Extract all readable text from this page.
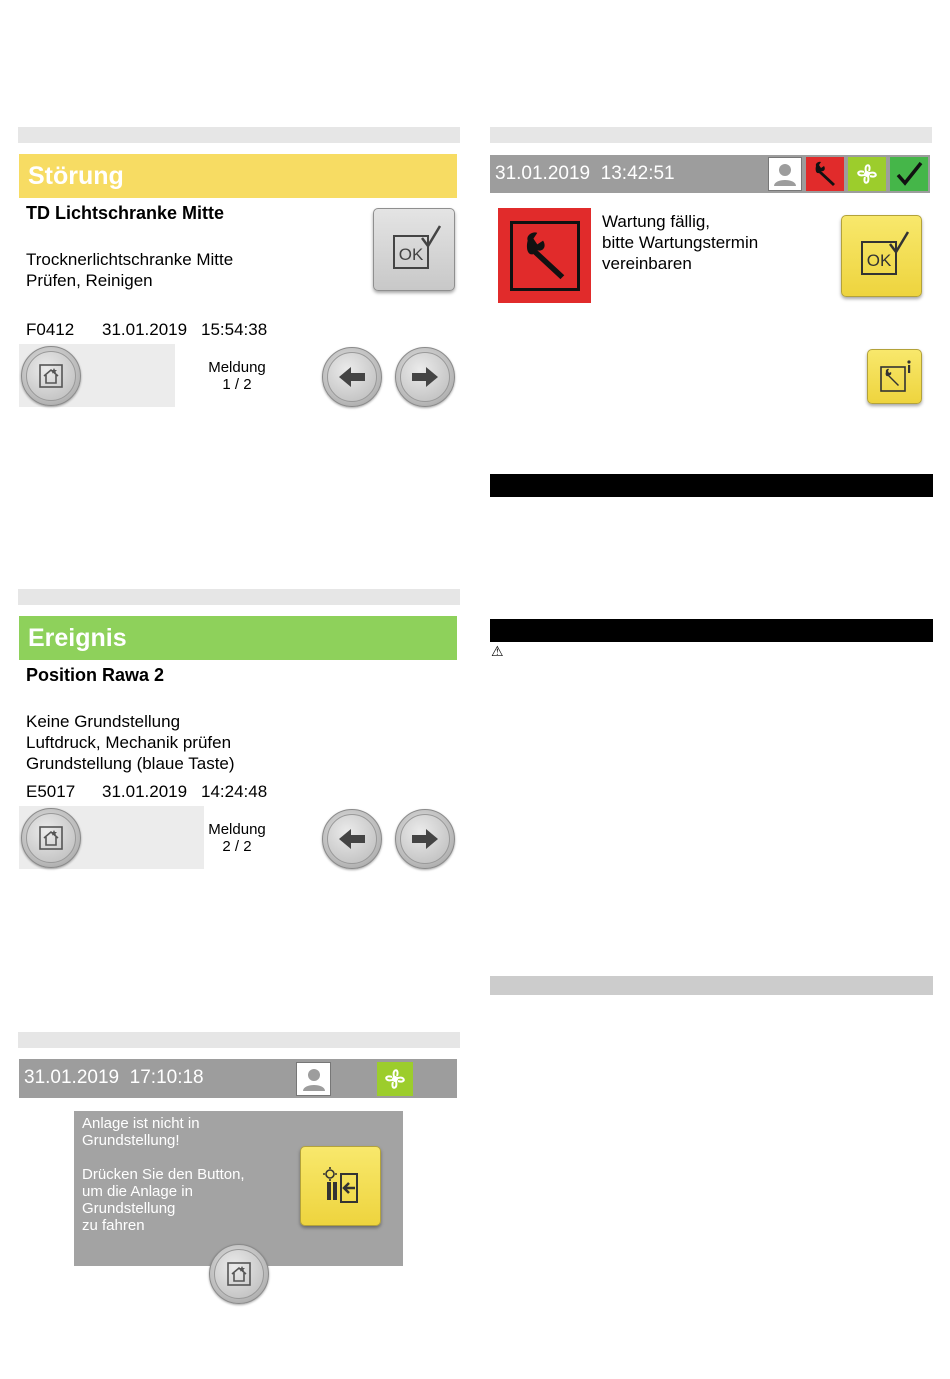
Störung
TD Lichtschranke Mitte
Trocknerlichtschranke Mitte
Prüfen, Reinigen
OK
F0412 31.01.2019 15:54:38
Meldung
1 / 2
Ereignis
Position Rawa 2
Keine Grundstellung
Luftdruck, Mechanik prüfen
Grundstellung (blaue Taste)
E5017 31.01.2019 14:24:48
Meldung
2 / 2
31.01.2019 17:10:18
Anlage ist nicht in
Grundstellung!

Drücken Sie den Button,
um die Anlage in
Grundstellung
zu fahren
31.01.2019 13:42:51
Wartung fällig,
bitte Wartungstermin
vereinbaren	OK
⚠
